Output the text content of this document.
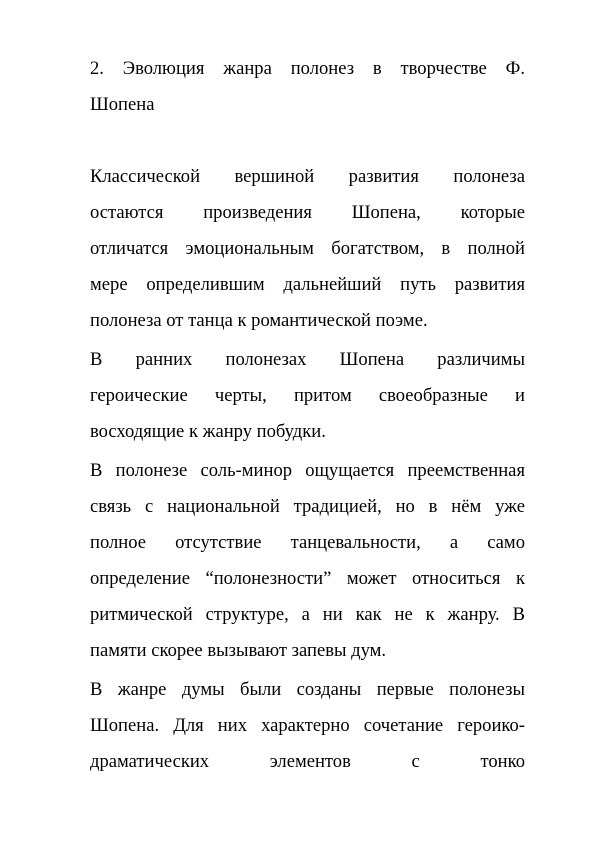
2. Эволюция жанра полонез в творчестве Ф.
Шопена
Классической вершиной развития полонеза
остаются произведения Шопена, которые
отличатся эмоциональным богатством, в полной
мере определившим дальнейший путь развития
полонеза от танца к романтической поэме.
В ранних полонезах Шопена различимы
героические черты, притом своеобразные и
восходящие к жанру побудки.
В полонезе соль-минор ощущается преемственная
связь с национальной традицией, но в нём уже
полное отсутствие танцевальности, а само
определение “полонезности” может относиться к
ритмической структуре, а ни как не к жанру. В
памяти скорее вызывают запевы дум.
В жанре думы были созданы первые полонезы
Шопена. Для них характерно сочетание героико-
драматических элементов с тонко
